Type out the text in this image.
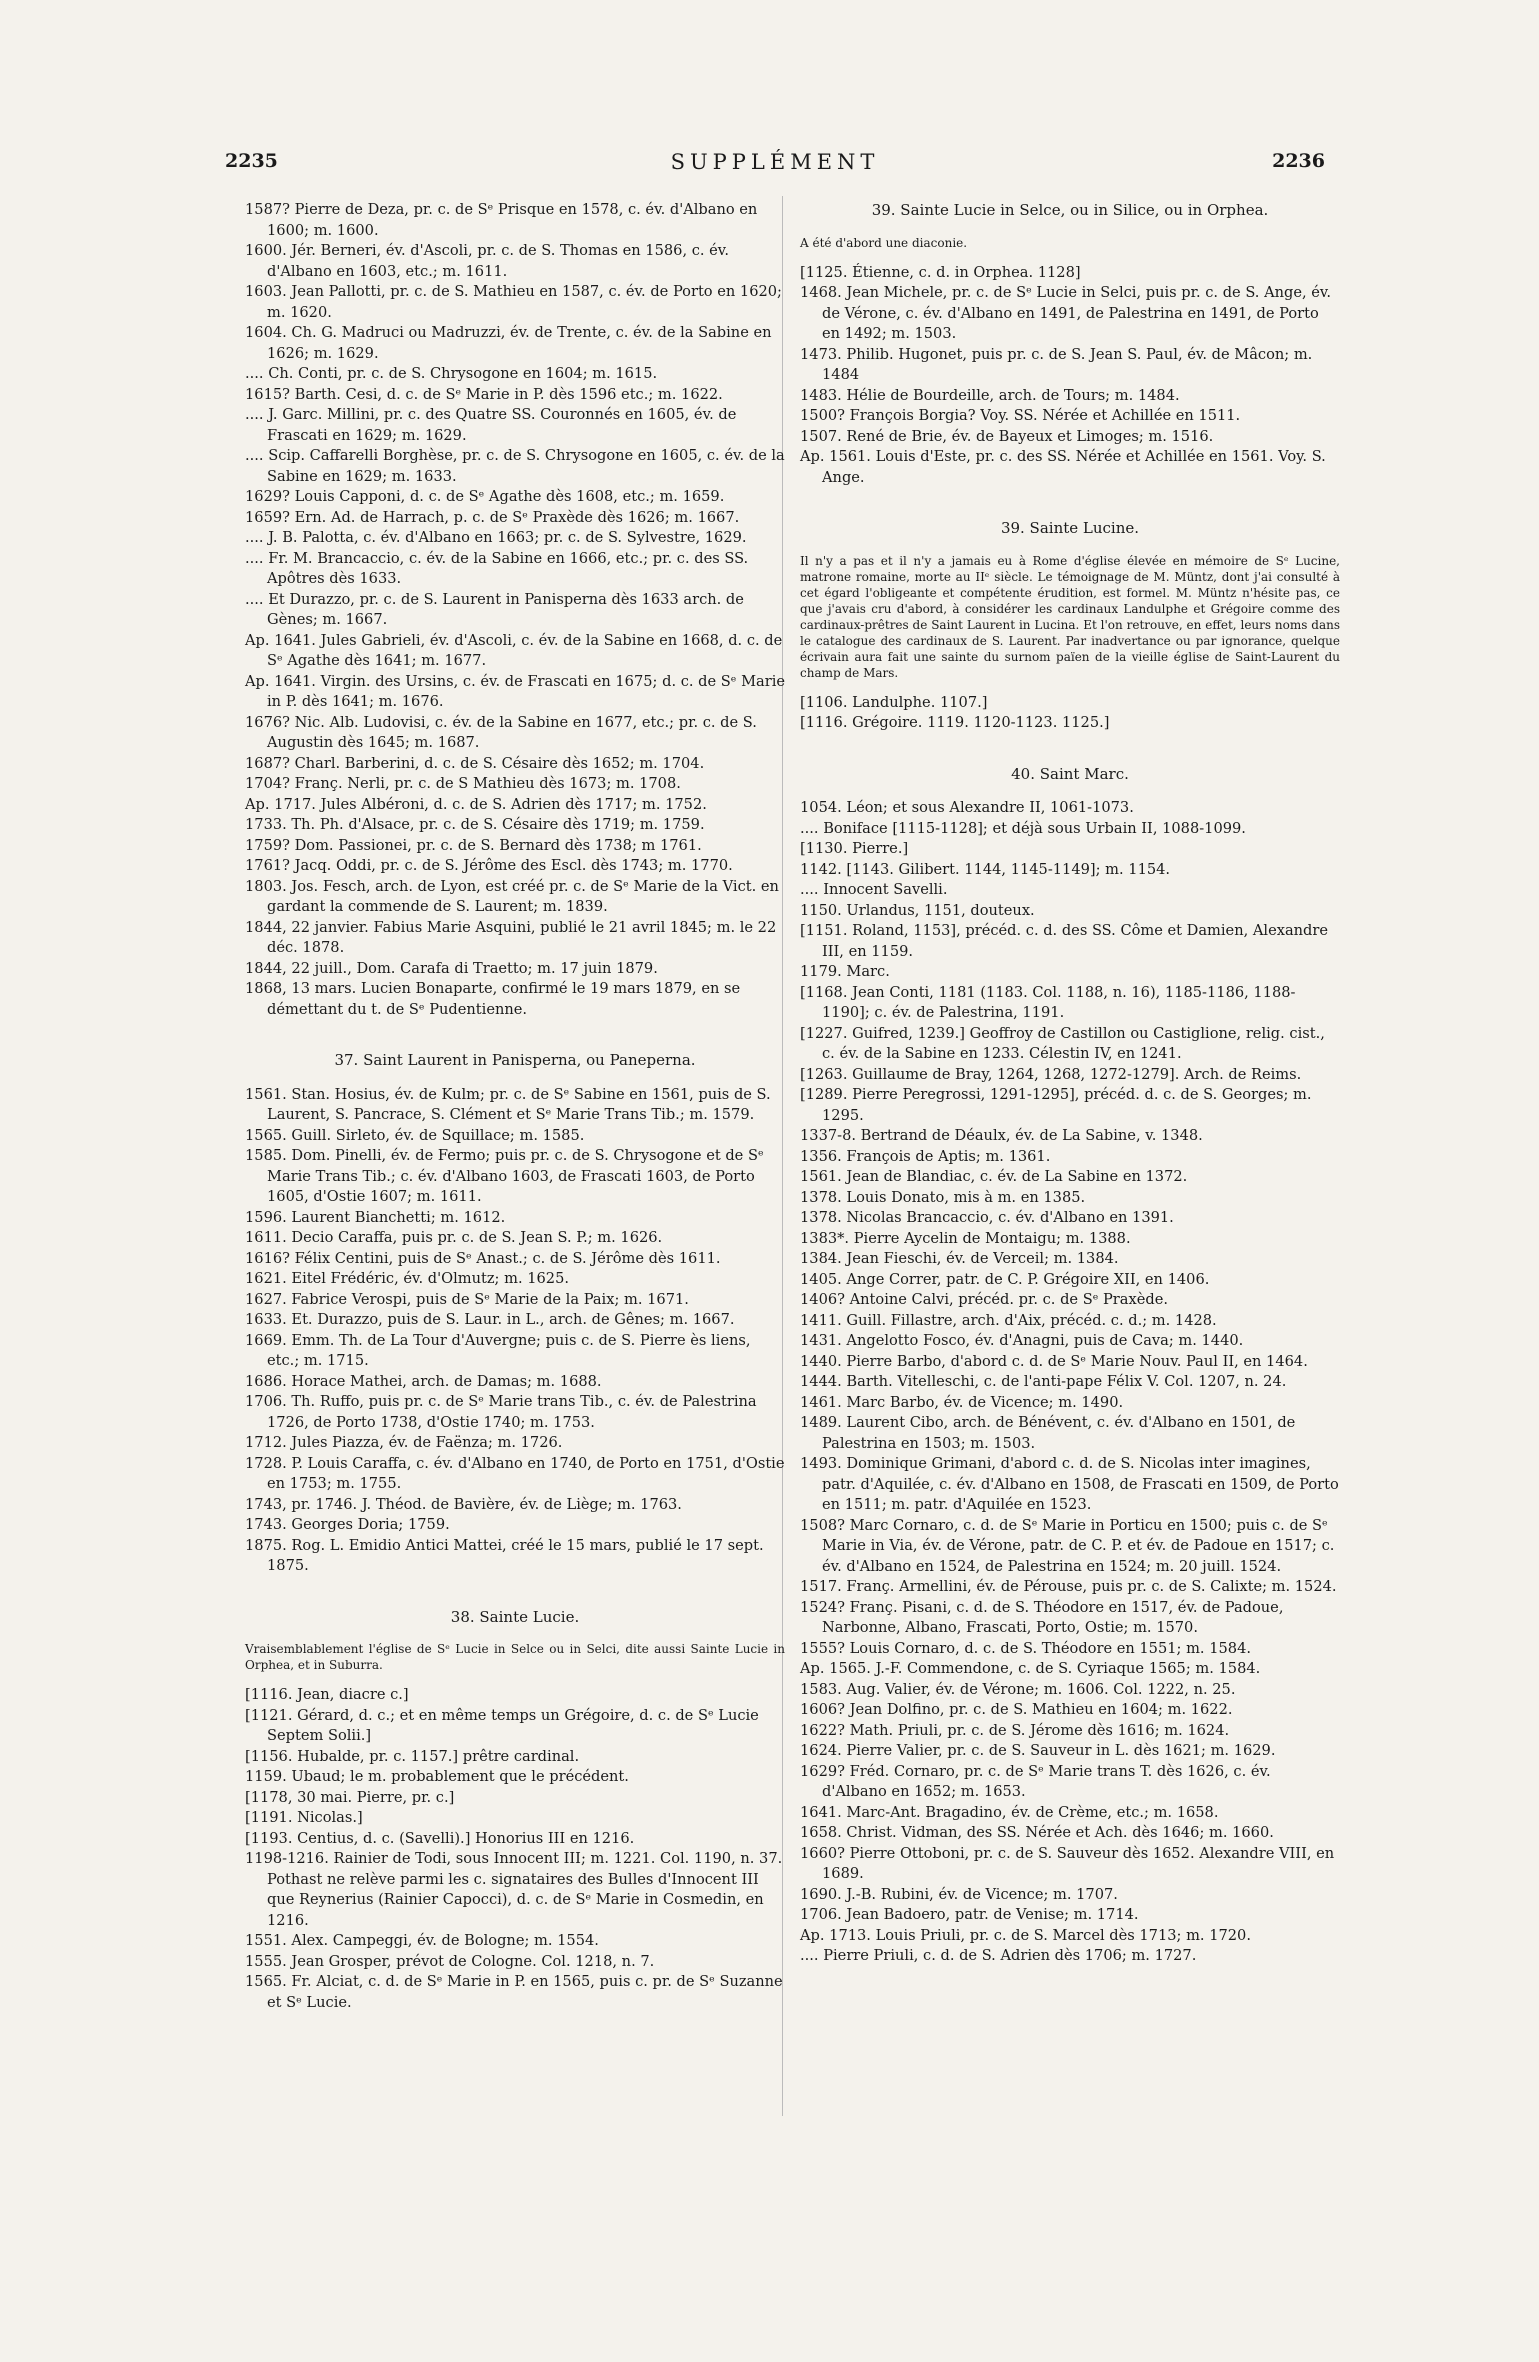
2235	SUPPLÉMENT	2236

1587? Pierre de Deza, pr. c. de Sᵉ Prisque en 1578, c. év. d'Albano en 1600; m. 1600.

1600. Jér. Berneri, év. d'Ascoli, pr. c. de S. Thomas en 1586, c. év. d'Albano en 1603, etc.; m. 1611.

1603. Jean Pallotti, pr. c. de S. Mathieu en 1587, c. év. de Porto en 1620; m. 1620.

1604. Ch. G. Madruci ou Madruzzi, év. de Trente, c. év. de la Sabine en 1626; m. 1629.

.... Ch. Conti, pr. c. de S. Chrysogone en 1604; m. 1615.

1615? Barth. Cesi, d. c. de Sᵉ Marie in P. dès 1596 etc.; m. 1622.

.... J. Garc. Millini, pr. c. des Quatre SS. Couronnés en 1605, év. de Frascati en 1629; m. 1629.

.... Scip. Caffarelli Borghèse, pr. c. de S. Chrysogone en 1605, c. év. de la Sabine en 1629; m. 1633.

1629? Louis Capponi, d. c. de Sᵉ Agathe dès 1608, etc.; m. 1659.

1659? Ern. Ad. de Harrach, p. c. de Sᵉ Praxède dès 1626; m. 1667.

.... J. B. Palotta, c. év. d'Albano en 1663; pr. c. de S. Sylvestre, 1629.

.... Fr. M. Brancaccio, c. év. de la Sabine en 1666, etc.; pr. c. des SS. Apôtres dès 1633.

.... Et Durazzo, pr. c. de S. Laurent in Panisperna dès 1633 arch. de Gènes; m. 1667.

Ap. 1641. Jules Gabrieli, év. d'Ascoli, c. év. de la Sabine en 1668, d. c. de Sᵉ Agathe dès 1641; m. 1677.

Ap. 1641. Virgin. des Ursins, c. év. de Frascati en 1675; d. c. de Sᵉ Marie in P. dès 1641; m. 1676.

1676? Nic. Alb. Ludovisi, c. év. de la Sabine en 1677, etc.; pr. c. de S. Augustin dès 1645; m. 1687.

1687? Charl. Barberini, d. c. de S. Césaire dès 1652; m. 1704.

1704? Franç. Nerli, pr. c. de S Mathieu dès 1673; m. 1708.

Ap. 1717. Jules Albéroni, d. c. de S. Adrien dès 1717; m. 1752.

1733. Th. Ph. d'Alsace, pr. c. de S. Césaire dès 1719; m. 1759.

1759? Dom. Passionei, pr. c. de S. Bernard dès 1738; m 1761.

1761? Jacq. Oddi, pr. c. de S. Jérôme des Escl. dès 1743; m. 1770.

1803. Jos. Fesch, arch. de Lyon, est créé pr. c. de Sᵉ Marie de la Vict. en gardant la commende de S. Laurent; m. 1839.

1844, 22 janvier. Fabius Marie Asquini, publié le 21 avril 1845; m. le 22 déc. 1878.

1844, 22 juill., Dom. Carafa di Traetto; m. 17 juin 1879.

1868, 13 mars. Lucien Bonaparte, confirmé le 19 mars 1879, en se démettant du t. de Sᵉ Pudentienne.

37. Saint Laurent in Panisperna, ou Paneperna.

1561. Stan. Hosius, év. de Kulm; pr. c. de Sᵉ Sabine en 1561, puis de S. Laurent, S. Pancrace, S. Clément et Sᵉ Marie Trans Tib.; m. 1579.

1565. Guill. Sirleto, év. de Squillace; m. 1585.

1585. Dom. Pinelli, év. de Fermo; puis pr. c. de S. Chrysogone et de Sᵉ Marie Trans Tib.; c. év. d'Albano 1603, de Frascati 1603, de Porto 1605, d'Ostie 1607; m. 1611.

1596. Laurent Bianchetti; m. 1612.

1611. Decio Caraffa, puis pr. c. de S. Jean S. P.; m. 1626.

1616? Félix Centini, puis de Sᵉ Anast.; c. de S. Jérôme dès 1611.

1621. Eitel Frédéric, év. d'Olmutz; m. 1625.

1627. Fabrice Verospi, puis de Sᵉ Marie de la Paix; m. 1671.

1633. Et. Durazzo, puis de S. Laur. in L., arch. de Gênes; m. 1667.

1669. Emm. Th. de La Tour d'Auvergne; puis c. de S. Pierre ès liens, etc.; m. 1715.

1686. Horace Mathei, arch. de Damas; m. 1688.

1706. Th. Ruffo, puis pr. c. de Sᵉ Marie trans Tib., c. év. de Palestrina 1726, de Porto 1738, d'Ostie 1740; m. 1753.

1712. Jules Piazza, év. de Faënza; m. 1726.

1728. P. Louis Caraffa, c. év. d'Albano en 1740, de Porto en 1751, d'Ostie en 1753; m. 1755.

1743, pr. 1746. J. Théod. de Bavière, év. de Liège; m. 1763.

1743. Georges Doria; 1759.

1875. Rog. L. Emidio Antici Mattei, créé le 15 mars, publié le 17 sept. 1875.

38. Sainte Lucie.

Vraisemblablement l'église de Sᵉ Lucie in Selce ou in Selci, dite aussi Sainte Lucie in Orphea, et in Suburra.

[1116. Jean, diacre c.]

[1121. Gérard, d. c.; et en même temps un Grégoire, d. c. de Sᵉ Lucie Septem Solii.]

[1156. Hubalde, pr. c. 1157.] prêtre cardinal.

1159. Ubaud; le m. probablement que le précédent.

[1178, 30 mai. Pierre, pr. c.]

[1191. Nicolas.]

[1193. Centius, d. c. (Savelli).] Honorius III en 1216.

1198-1216. Rainier de Todi, sous Innocent III; m. 1221. Col. 1190, n. 37. Pothast ne relève parmi les c. signataires des Bulles d'Innocent III que Reynerius (Rainier Capocci), d. c. de Sᵉ Marie in Cosmedin, en 1216.

1551. Alex. Campeggi, év. de Bologne; m. 1554.

1555. Jean Grosper, prévot de Cologne. Col. 1218, n. 7.

1565. Fr. Alciat, c. d. de Sᵉ Marie in P. en 1565, puis c. pr. de Sᵉ Suzanne et Sᵉ Lucie.

39. Sainte Lucie in Selce, ou in Silice, ou in Orphea.

A été d'abord une diaconie.

[1125. Étienne, c. d. in Orphea. 1128]

1468. Jean Michele, pr. c. de Sᵉ Lucie in Selci, puis pr. c. de S. Ange, év. de Vérone, c. év. d'Albano en 1491, de Palestrina en 1491, de Porto en 1492; m. 1503.

1473. Philib. Hugonet, puis pr. c. de S. Jean S. Paul, év. de Mâcon; m. 1484

1483. Hélie de Bourdeille, arch. de Tours; m. 1484.

1500? François Borgia? Voy. SS. Nérée et Achillée en 1511.

1507. René de Brie, év. de Bayeux et Limoges; m. 1516.

Ap. 1561. Louis d'Este, pr. c. des SS. Nérée et Achillée en 1561. Voy. S. Ange.

39. Sainte Lucine.

Il n'y a pas et il n'y a jamais eu à Rome d'église élevée en mémoire de Sᵉ Lucine, matrone romaine, morte au IIᵉ siècle. Le témoignage de M. Müntz, dont j'ai consulté à cet égard l'obligeante et compétente érudition, est formel. M. Müntz n'hésite pas, ce que j'avais cru d'abord, à considérer les cardinaux Landulphe et Grégoire comme des cardinaux-prêtres de Saint Laurent in Lucina. Et l'on retrouve, en effet, leurs noms dans le catalogue des cardinaux de S. Laurent. Par inadvertance ou par ignorance, quelque écrivain aura fait une sainte du surnom païen de la vieille église de Saint-Laurent du champ de Mars.

[1106. Landulphe. 1107.]

[1116. Grégoire. 1119. 1120-1123. 1125.]

40. Saint Marc.

1054. Léon; et sous Alexandre II, 1061-1073.

.... Boniface [1115-1128]; et déjà sous Urbain II, 1088-1099.

[1130. Pierre.]

1142. [1143. Gilibert. 1144, 1145-1149]; m. 1154.

.... Innocent Savelli.

1150. Urlandus, 1151, douteux.

[1151. Roland, 1153], précéd. c. d. des SS. Côme et Damien, Alexandre III, en 1159.

1179. Marc.

[1168. Jean Conti, 1181 (1183. Col. 1188, n. 16), 1185-1186, 1188-1190]; c. év. de Palestrina, 1191.

[1227. Guifred, 1239.] Geoffroy de Castillon ou Castiglione, relig. cist., c. év. de la Sabine en 1233. Célestin IV, en 1241.

[1263. Guillaume de Bray, 1264, 1268, 1272-1279]. Arch. de Reims.

[1289. Pierre Peregrossi, 1291-1295], précéd. d. c. de S. Georges; m. 1295.

1337-8. Bertrand de Déaulx, év. de La Sabine, v. 1348.

1356. François de Aptis; m. 1361.

1561. Jean de Blandiac, c. év. de La Sabine en 1372.

1378. Louis Donato, mis à m. en 1385.

1378. Nicolas Brancaccio, c. év. d'Albano en 1391.

1383*. Pierre Aycelin de Montaigu; m. 1388.

1384. Jean Fieschi, év. de Verceil; m. 1384.

1405. Ange Correr, patr. de C. P. Grégoire XII, en 1406.

1406? Antoine Calvi, précéd. pr. c. de Sᵉ Praxède.

1411. Guill. Fillastre, arch. d'Aix, précéd. c. d.; m. 1428.

1431. Angelotto Fosco, év. d'Anagni, puis de Cava; m. 1440.

1440. Pierre Barbo, d'abord c. d. de Sᵉ Marie Nouv. Paul II, en 1464.

1444. Barth. Vitelleschi, c. de l'anti-pape Félix V. Col. 1207, n. 24.

1461. Marc Barbo, év. de Vicence; m. 1490.

1489. Laurent Cibo, arch. de Bénévent, c. év. d'Albano en 1501, de Palestrina en 1503; m. 1503.

1493. Dominique Grimani, d'abord c. d. de S. Nicolas inter imagines, patr. d'Aquilée, c. év. d'Albano en 1508, de Frascati en 1509, de Porto en 1511; m. patr. d'Aquilée en 1523.

1508? Marc Cornaro, c. d. de Sᵉ Marie in Porticu en 1500; puis c. de Sᵉ Marie in Via, év. de Vérone, patr. de C. P. et év. de Padoue en 1517; c. év. d'Albano en 1524, de Palestrina en 1524; m. 20 juill. 1524.

1517. Franç. Armellini, év. de Pérouse, puis pr. c. de S. Calixte; m. 1524.

1524? Franç. Pisani, c. d. de S. Théodore en 1517, év. de Padoue, Narbonne, Albano, Frascati, Porto, Ostie; m. 1570.

1555? Louis Cornaro, d. c. de S. Théodore en 1551; m. 1584.

Ap. 1565. J.-F. Commendone, c. de S. Cyriaque 1565; m. 1584.

1583. Aug. Valier, év. de Vérone; m. 1606. Col. 1222, n. 25.

1606? Jean Dolfino, pr. c. de S. Mathieu en 1604; m. 1622.

1622? Math. Priuli, pr. c. de S. Jérome dès 1616; m. 1624.

1624. Pierre Valier, pr. c. de S. Sauveur in L. dès 1621; m. 1629.

1629? Fréd. Cornaro, pr. c. de Sᵉ Marie trans T. dès 1626, c. év. d'Albano en 1652; m. 1653.

1641. Marc-Ant. Bragadino, év. de Crème, etc.; m. 1658.

1658. Christ. Vidman, des SS. Nérée et Ach. dès 1646; m. 1660.

1660? Pierre Ottoboni, pr. c. de S. Sauveur dès 1652. Alexandre VIII, en 1689.

1690. J.-B. Rubini, év. de Vicence; m. 1707.

1706. Jean Badoero, patr. de Venise; m. 1714.

Ap. 1713. Louis Priuli, pr. c. de S. Marcel dès 1713; m. 1720.

.... Pierre Priuli, c. d. de S. Adrien dès 1706; m. 1727.
